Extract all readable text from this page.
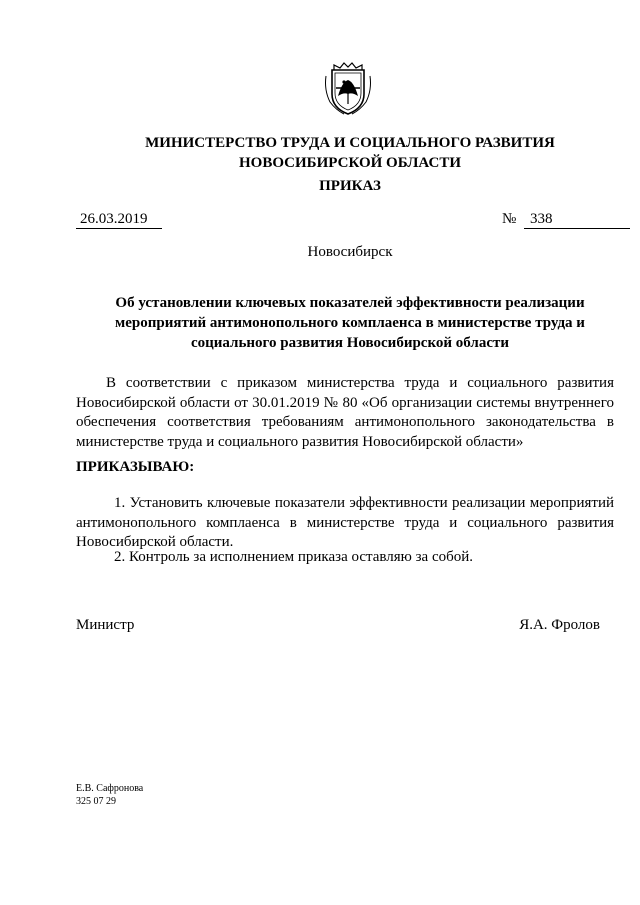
МИНИСТЕРСТВО ТРУДА И СОЦИАЛЬНОГО РАЗВИТИЯ
НОВОСИБИРСКОЙ ОБЛАСТИ
ПРИКАЗ
26.03.2019	№ 338
Новосибирск
Об установлении ключевых показателей эффективности реализации мероприятий антимонопольного комплаенса в министерстве труда и социального развития Новосибирской области

В соответствии с приказом министерства труда и социального развития Новосибирской области от 30.01.2019 № 80 «Об организации системы внутреннего обеспечения соответствия требованиям антимонопольного законодательства в министерстве труда и социального развития Новосибирской области»

ПРИКАЗЫВАЮ:

1. Установить ключевые показатели эффективности реализации мероприятий антимонопольного комплаенса в министерстве труда и социального развития Новосибирской области.

2. Контроль за исполнением приказа оставляю за собой.

Министр	Я.А. Фролов
Е.В. Сафронова
325 07 29
